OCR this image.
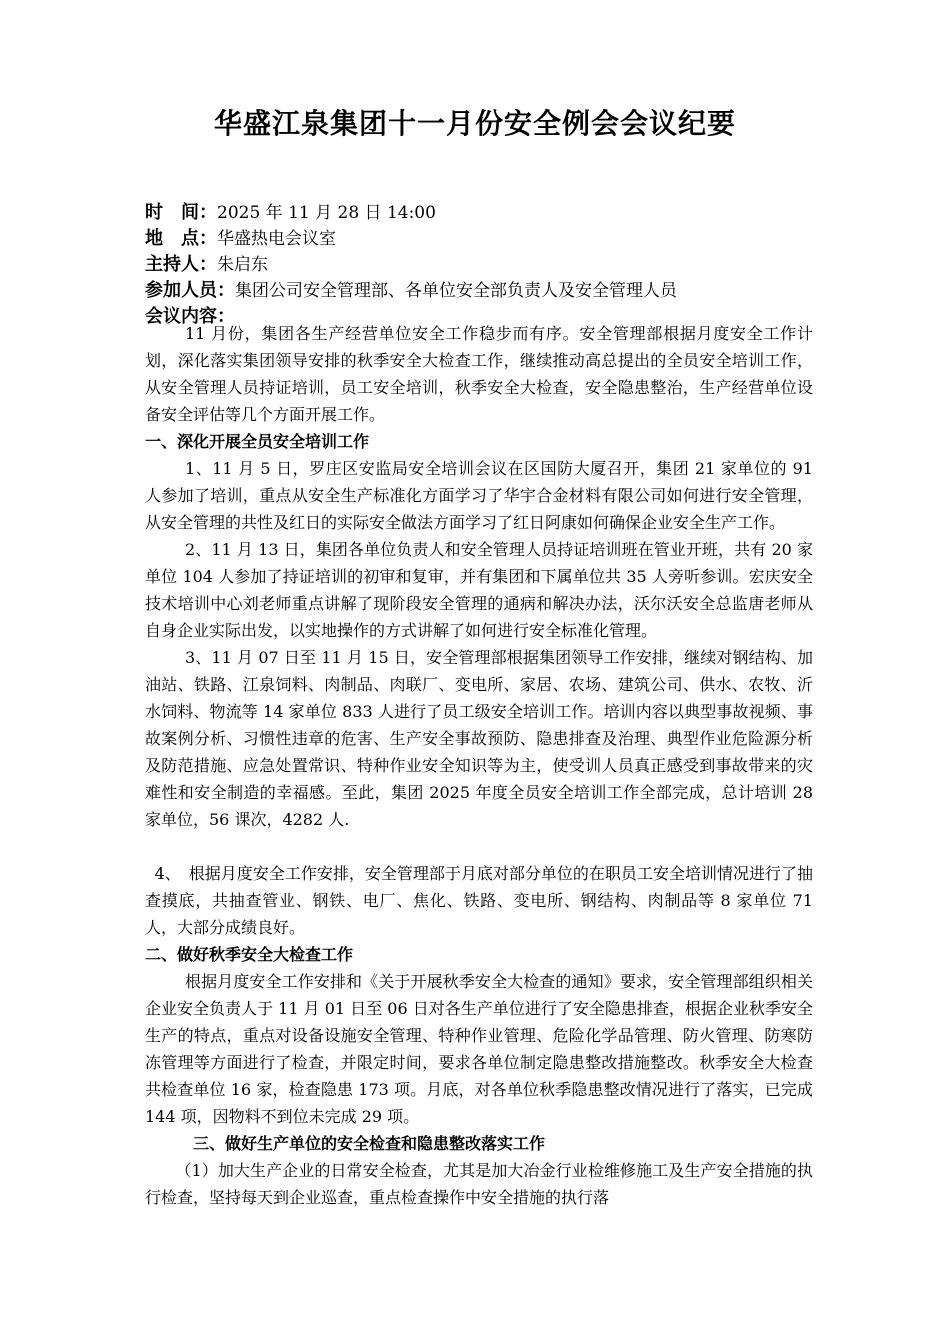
华盛江泉集团十一月份安全例会会议纪要
时　间：2025 年 11 月 28 日 14:00
地　点：华盛热电会议室
主持人：朱启东
参加人员：集团公司安全管理部、各单位安全部负责人及安全管理人员
会议内容：

11 月份，集团各生产经营单位安全工作稳步而有序。安全管理部根据月度安全工作计划，深化落实集团领导安排的秋季安全大检查工作，继续推动高总提出的全员安全培训工作，从安全管理人员持证培训，员工安全培训，秋季安全大检查，安全隐患整治，生产经营单位设备安全评估等几个方面开展工作。

一、深化开展全员安全培训工作

1、11 月 5 日，罗庄区安监局安全培训会议在区国防大厦召开，集团 21 家单位的 91 人参加了培训，重点从安全生产标准化方面学习了华宇合金材料有限公司如何进行安全管理，从安全管理的共性及红日的实际安全做法方面学习了红日阿康如何确保企业安全生产工作。

2、11 月 13 日，集团各单位负责人和安全管理人员持证培训班在管业开班，共有 20 家单位 104 人参加了持证培训的初审和复审，并有集团和下属单位共 35 人旁听参训。宏庆安全技术培训中心刘老师重点讲解了现阶段安全管理的通病和解决办法，沃尔沃安全总监唐老师从自身企业实际出发，以实地操作的方式讲解了如何进行安全标准化管理。

3、11 月 07 日至 11 月 15 日，安全管理部根据集团领导工作安排，继续对钢结构、加油站、铁路、江泉饲料、肉制品、肉联厂、变电所、家居、农场、建筑公司、供水、农牧、沂水饲料、物流等 14 家单位 833 人进行了员工级安全培训工作。培训内容以典型事故视频、事故案例分析、习惯性违章的危害、生产安全事故预防、隐患排查及治理、典型作业危险源分析及防范措施、应急处置常识、特种作业安全知识等为主，使受训人员真正感受到事故带来的灾难性和安全制造的幸福感。至此，集团 2025 年度全员安全培训工作全部完成，总计培训 28 家单位，56 课次，4282 人.

4、　根据月度安全工作安排，安全管理部于月底对部分单位的在职员工安全培训情况进行了抽查摸底，共抽查管业、钢铁、电厂、焦化、铁路、变电所、钢结构、肉制品等 8 家单位 71 人，大部分成绩良好。

二、做好秋季安全大检查工作

根据月度安全工作安排和《关于开展秋季安全大检查的通知》要求，安全管理部组织相关企业安全负责人于 11 月 01 日至 06 日对各生产单位进行了安全隐患排查，根据企业秋季安全生产的特点，重点对设备设施安全管理、特种作业管理、危险化学品管理、防火管理、防寒防冻管理等方面进行了检查，并限定时间，要求各单位制定隐患整改措施整改。秋季安全大检查共检查单位 16 家，检查隐患 173 项。月底，对各单位秋季隐患整改情况进行了落实，已完成 144 项，因物料不到位未完成 29 项。

三、做好生产单位的安全检查和隐患整改落实工作

（1）加大生产企业的日常安全检查，尤其是加大冶金行业检维修施工及生产安全措施的执行检查，坚持每天到企业巡查，重点检查操作中安全措施的执行落
